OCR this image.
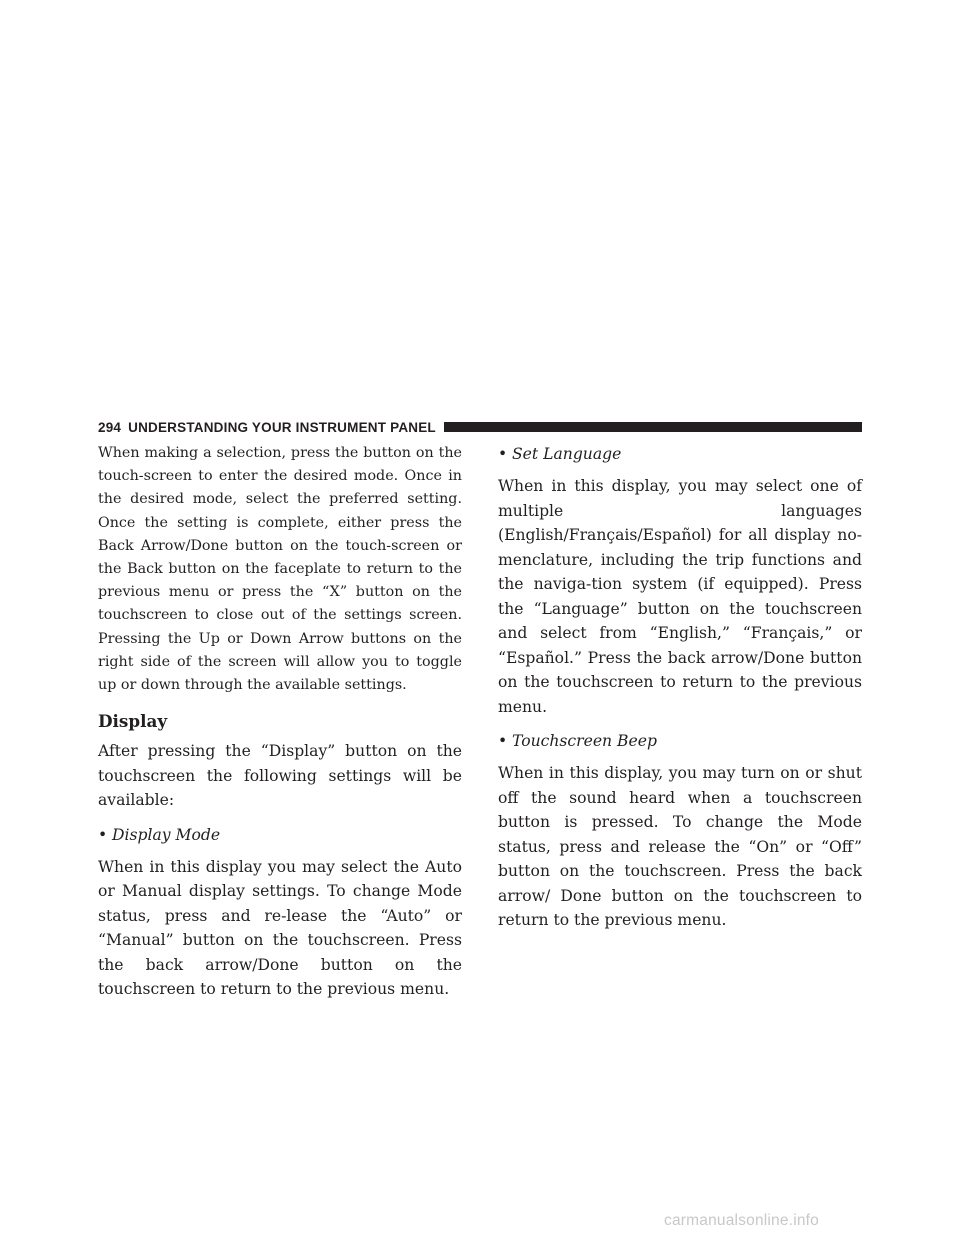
294 UNDERSTANDING YOUR INSTRUMENT PANEL

When making a selection, press the button on the touch-screen to enter the desired mode. Once in the desired mode, select the preferred setting. Once the setting is complete, either press the Back Arrow/Done button on the touch-screen or the Back button on the faceplate to return to the previous menu or press the “X” button on the touchscreen to close out of the settings screen. Pressing the Up or Down Arrow buttons on the right side of the screen will allow you to toggle up or down through the available settings.

Display

After pressing the “Display” button on the touchscreen the following settings will be available:

• Display Mode

When in this display you may select the Auto or Manual display settings. To change Mode status, press and re-lease the “Auto” or “Manual” button on the touchscreen. Press the back arrow/Done button on the touchscreen to return to the previous menu.

• Set Language

When in this display, you may select one of multiple languages (English/Français/Español) for all display no-menclature, including the trip functions and the naviga-tion system (if equipped). Press the “Language” button on the touchscreen and select from “English,” “Français,” or “Español.” Press the back arrow/Done button on the touchscreen to return to the previous menu.

• Touchscreen Beep

When in this display, you may turn on or shut off the sound heard when a touchscreen button is pressed. To change the Mode status, press and release the “On” or “Off” button on the touchscreen. Press the back arrow/ Done button on the touchscreen to return to the previous menu.

carmanualsonline.info
